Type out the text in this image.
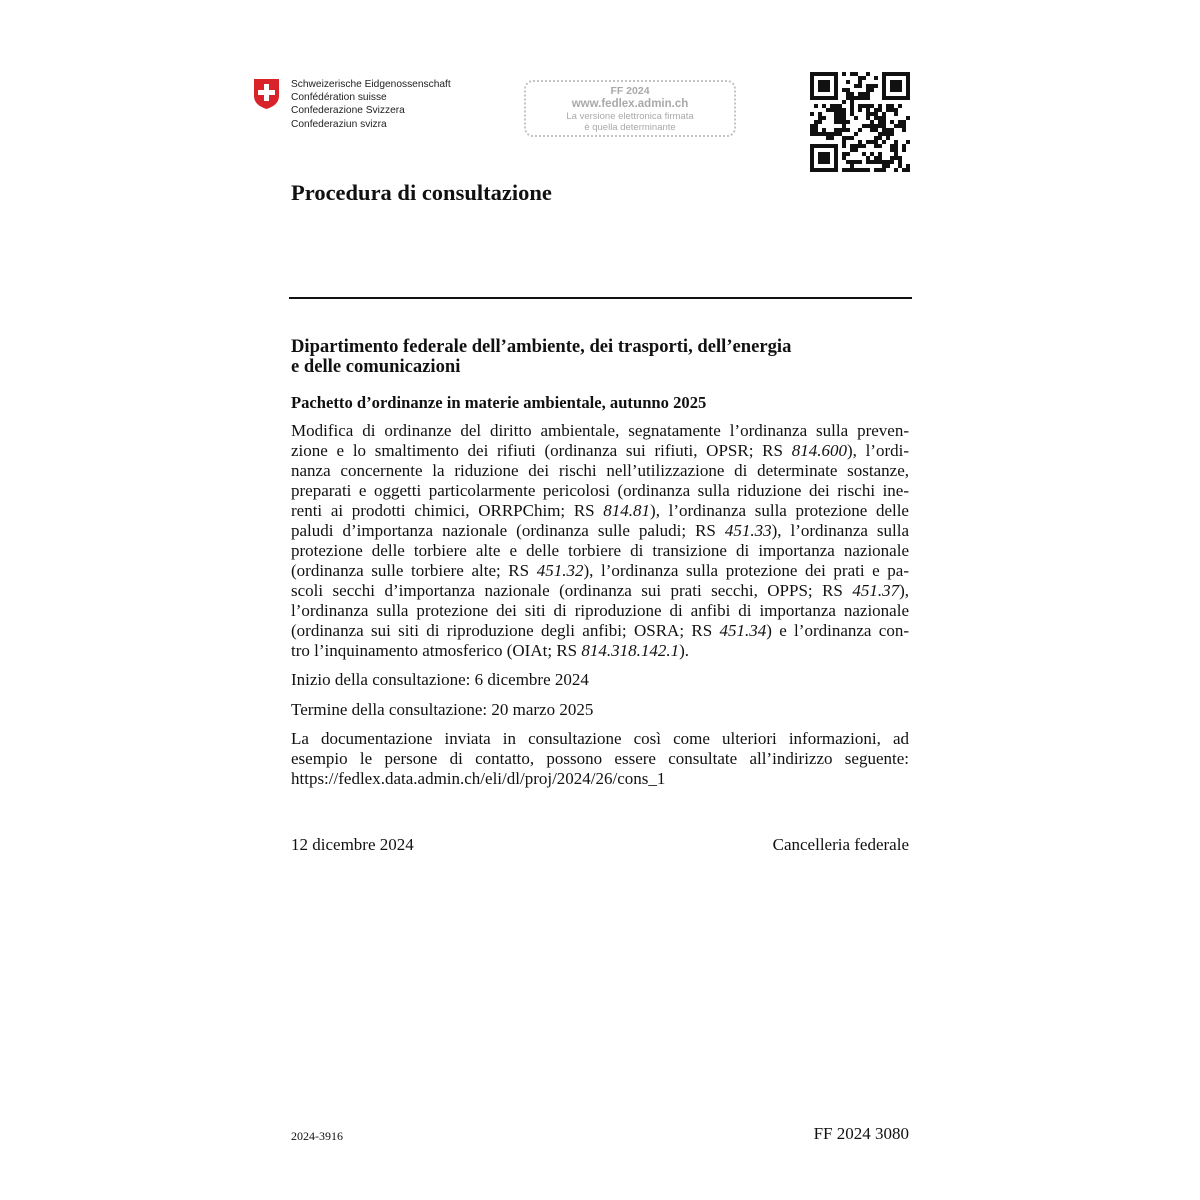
Schweizerische Eidgenossenschaft
Confédération suisse
Confederazione Svizzera
Confederaziun svizra
FF 2024
www.fedlex.admin.ch
La versione elettronica firmata
è quella determinante
Procedura di consultazione
Dipartimento federale dell’ambiente, dei trasporti, dell’energia
e delle comunicazioni
Pachetto d’ordinanze in materie ambientale, autunno 2025
Modifica di ordinanze del diritto ambientale, segnatamente l’ordinanza sulla preven-
zione e lo smaltimento dei rifiuti (ordinanza sui rifiuti, OPSR; RS 814.600), l’ordi-
nanza concernente la riduzione dei rischi nell’utilizzazione di determinate sostanze,
preparati e oggetti particolarmente pericolosi (ordinanza sulla riduzione dei rischi ine-
renti ai prodotti chimici, ORRPChim; RS 814.81), l’ordinanza sulla protezione delle
paludi d’importanza nazionale (ordinanza sulle paludi; RS 451.33), l’ordinanza sulla
protezione delle torbiere alte e delle torbiere di transizione di importanza nazionale
(ordinanza sulle torbiere alte; RS 451.32), l’ordinanza sulla protezione dei prati e pa-
scoli secchi d’importanza nazionale (ordinanza sui prati secchi, OPPS; RS 451.37),
l’ordinanza sulla protezione dei siti di riproduzione di anfibi di importanza nazionale
(ordinanza sui siti di riproduzione degli anfibi; OSRA; RS 451.34) e l’ordinanza con-
tro l’inquinamento atmosferico (OIAt; RS 814.318.142.1).
Inizio della consultazione: 6 dicembre 2024
Termine della consultazione: 20 marzo 2025
La documentazione inviata in consultazione così come ulteriori informazioni, ad
esempio le persone di contatto, possono essere consultate all’indirizzo seguente:
https://fedlex.data.admin.ch/eli/dl/proj/2024/26/cons_1
12 dicembre 2024	Cancelleria federale
2024-3916	FF 2024 3080
